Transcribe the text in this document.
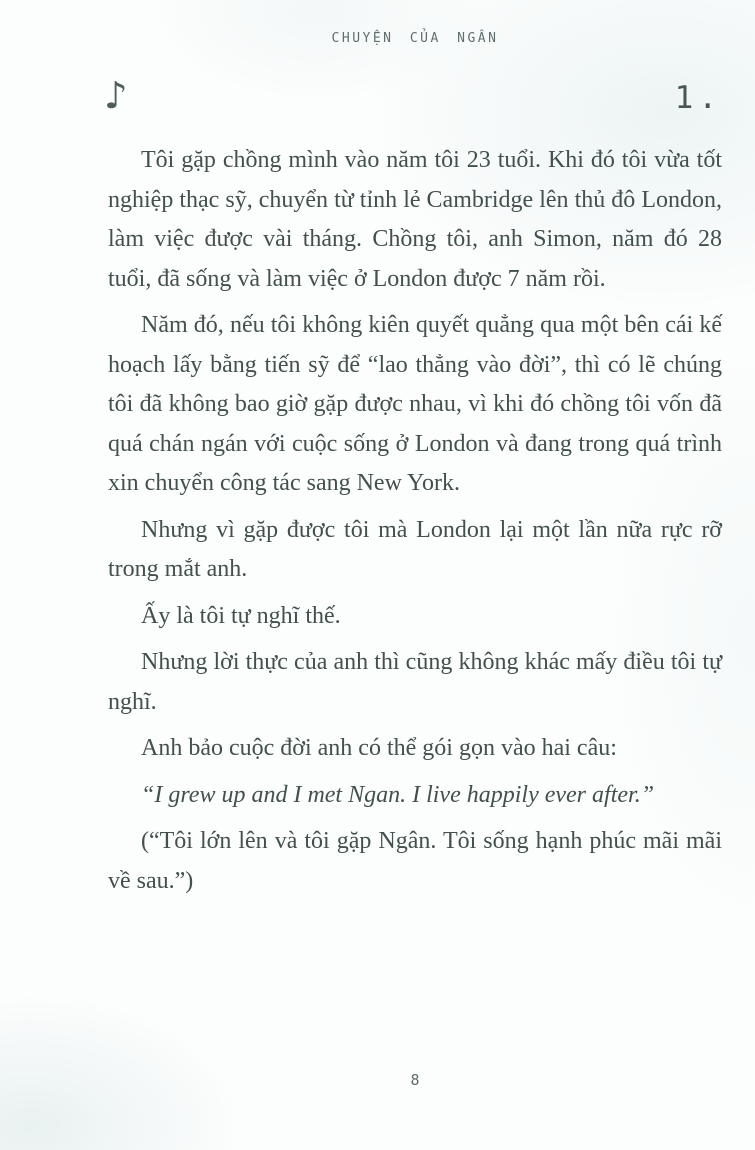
CHUYỆN CỦA NGÂN
♪	1.

Tôi gặp chồng mình vào năm tôi 23 tuổi. Khi đó tôi vừa tốt nghiệp thạc sỹ, chuyển từ tỉnh lẻ Cambridge lên thủ đô London, làm việc được vài tháng. Chồng tôi, anh Simon, năm đó 28 tuổi, đã sống và làm việc ở London được 7 năm rồi.

Năm đó, nếu tôi không kiên quyết quẳng qua một bên cái kế hoạch lấy bằng tiến sỹ để “lao thẳng vào đời”, thì có lẽ chúng tôi đã không bao giờ gặp được nhau, vì khi đó chồng tôi vốn đã quá chán ngán với cuộc sống ở London và đang trong quá trình xin chuyển công tác sang New York.

Nhưng vì gặp được tôi mà London lại một lần nữa rực rỡ trong mắt anh.

Ấy là tôi tự nghĩ thế.

Nhưng lời thực của anh thì cũng không khác mấy điều tôi tự nghĩ.

Anh bảo cuộc đời anh có thể gói gọn vào hai câu:

“I grew up and I met Ngan. I live happily ever after.”

(“Tôi lớn lên và tôi gặp Ngân. Tôi sống hạnh phúc mãi mãi về sau.”)

8
